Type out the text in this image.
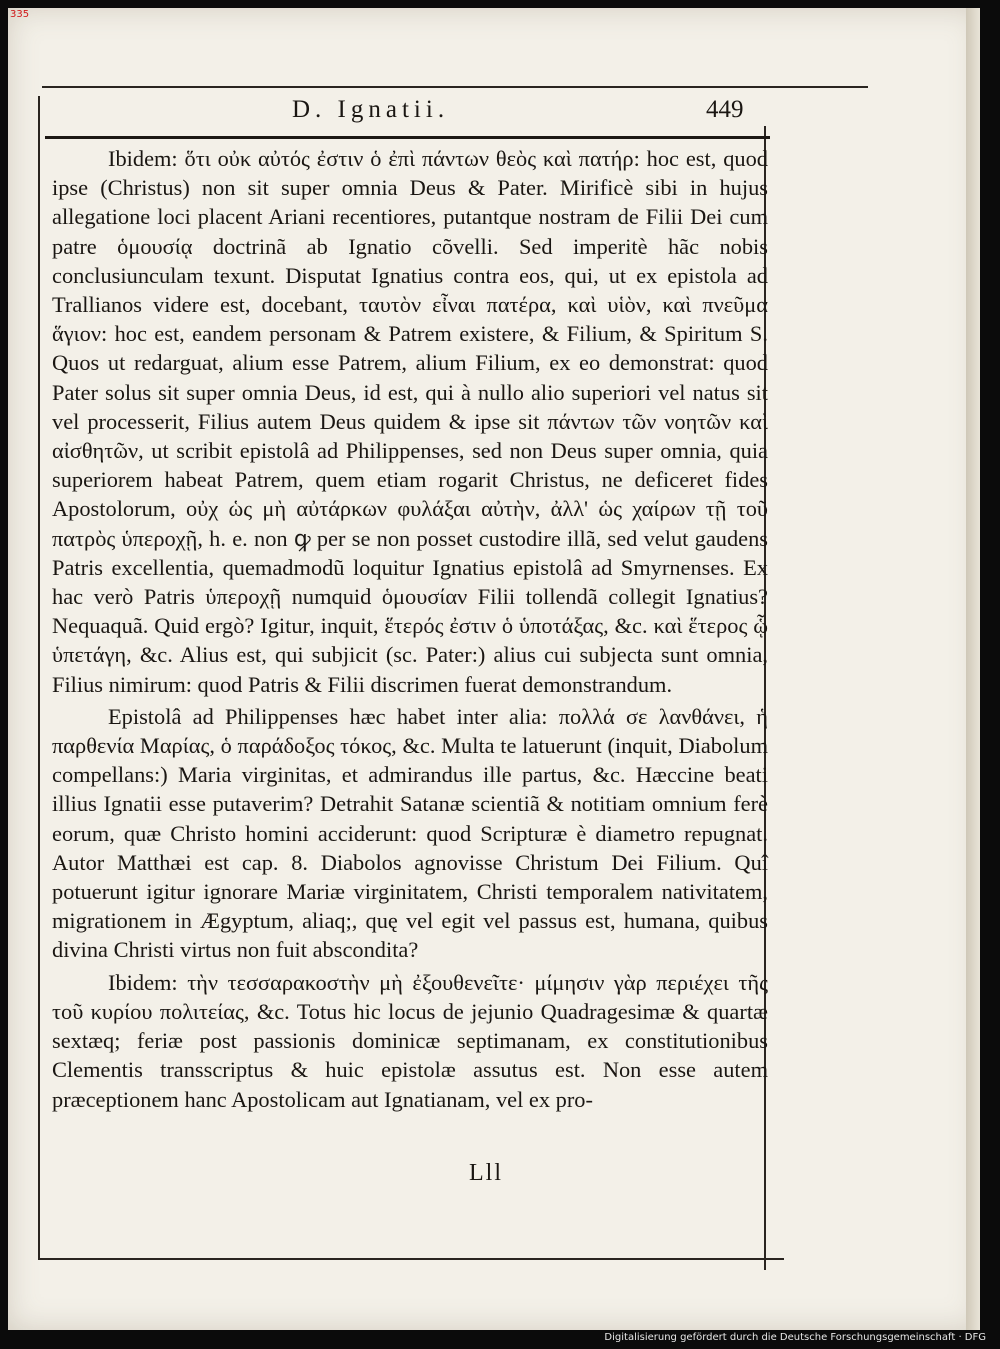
335
D. Ignatii.	449

Ibidem: ὅτι οὐκ αὐτός ἐστιν ὁ ἐπὶ πάντων θεὸς καὶ πατήρ: hoc est, quod ipse (Christus) non sit super omnia Deus & Pater. Mirificè sibi in hujus allegatione loci placent Ariani recentiores, putantque nostram de Filii Dei cum patre ὁμουσίᾳ doctrinã ab Ignatio cõvelli. Sed imperitè hãc nobis conclusiunculam texunt. Disputat Ignatius contra eos, qui, ut ex epistola ad Trallianos videre est, docebant, ταυτὸν εἶναι πατέρα, καὶ υἱὸν, καὶ πνεῦμα ἅγιον: hoc est, eandem personam & Patrem existere, & Filium, & Spiritum S. Quos ut redarguat, alium esse Patrem, alium Filium, ex eo demonstrat: quod Pater solus sit super omnia Deus, id est, qui à nullo alio superiori vel natus sit vel processerit, Filius autem Deus quidem & ipse sit πάντων τῶν νοητῶν καὶ αἰσθητῶν, ut scribit epistolâ ad Philippenses, sed non Deus super omnia, quia superiorem habeat Patrem, quem etiam rogarit Christus, ne deficeret fides Apostolorum, οὐχ ὡς μὴ αὐτάρκων φυλάξαι αὐτὴν, ἀλλ' ὡς χαίρων τῇ τοῦ πατρὸς ὑπεροχῇ, h. e. non ꝙ per se non posset custodire illã, sed velut gaudens Patris excellentia, quemadmodũ loquitur Ignatius epistolâ ad Smyrnenses. Ex hac verò Patris ὑπεροχῇ numquid ὁμουσίαν Filii tollendã collegit Ignatius? Nequaquã. Quid ergò? Igitur, inquit, ἕτερός ἐστιν ὁ ὑποτάξας, &c. καὶ ἕτερος ᾧ ὑπετάγη, &c. Alius est, qui subjicit (sc. Pater:) alius cui subjecta sunt omnia, Filius nimirum: quod Patris & Filii discrimen fuerat demonstrandum.

Epistolâ ad Philippenses hæc habet inter alia: πολλά σε λανθάνει, ἡ παρθενία Μαρίας, ὁ παράδοξος τόκος, &c. Multa te latuerunt (inquit, Diabolum compellans:) Maria virginitas, et admirandus ille partus, &c. Hæccine beati illius Ignatii esse putaverim? Detrahit Satanæ scientiã & notitiam omnium ferè eorum, quæ Christo homini acciderunt: quod Scripturæ è diametro repugnat. Autor Matthæi est cap. 8. Diabolos agnovisse Christum Dei Filium. Quî potuerunt igitur ignorare Mariæ virginitatem, Christi temporalem nativitatem, migrationem in Ægyptum, aliaq;, quę vel egit vel passus est, humana, quibus divina Christi virtus non fuit abscondita?

Ibidem: τὴν τεσσαρακοστὴν μὴ ἐξουθενεῖτε· μίμησιν γὰρ περιέχει τῆς τοῦ κυρίου πολιτείας, &c. Totus hic locus de jejunio Quadragesimæ & quartæ sextæq; feriæ post passionis dominicæ septimanam, ex constitutionibus Clementis transscriptus & huic epistolæ assutus est. Non esse autem præceptionem hanc Apostolicam aut Ignatianam, vel ex pro-

Lll
Digitalisierung gefördert durch die Deutsche Forschungsgemeinschaft · DFG
